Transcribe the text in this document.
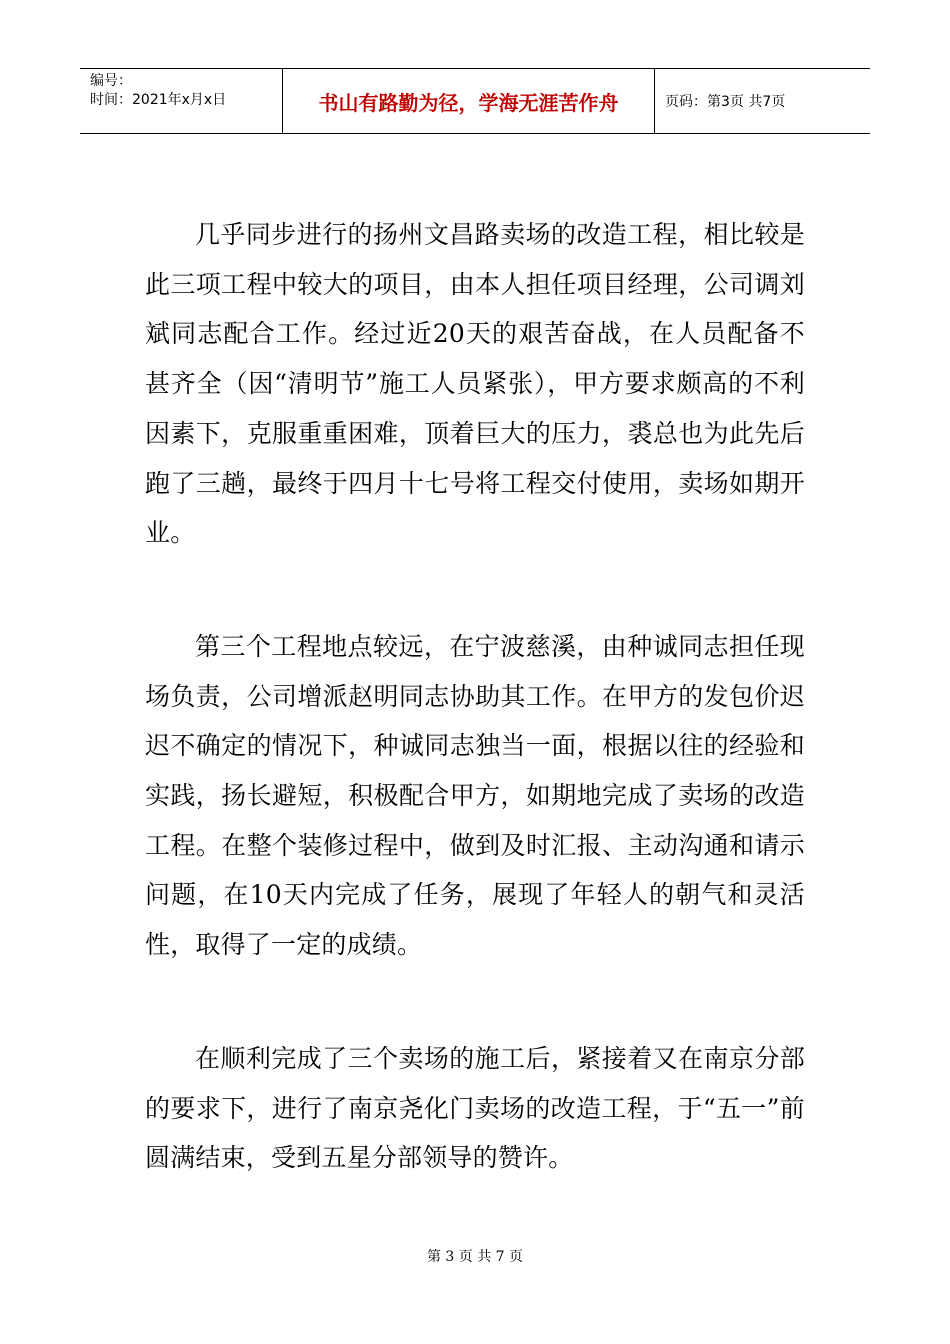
编号：
时间：2021年x月x日	书山有路勤为径，学海无涯苦作舟	页码：第3页 共7页

几乎同步进行的扬州文昌路卖场的改造工程，相比较是此三项工程中较大的项目，由本人担任项目经理，公司调刘斌同志配合工作。经过近20天的艰苦奋战，在人员配备不甚齐全（因“清明节”施工人员紧张），甲方要求颇高的不利因素下，克服重重困难，顶着巨大的压力，裘总也为此先后跑了三趟，最终于四月十七号将工程交付使用，卖场如期开业。

第三个工程地点较远，在宁波慈溪，由种诚同志担任现场负责，公司增派赵明同志协助其工作。在甲方的发包价迟迟不确定的情况下，种诚同志独当一面，根据以往的经验和实践，扬长避短，积极配合甲方，如期地完成了卖场的改造工程。在整个装修过程中，做到及时汇报、主动沟通和请示问题，在10天内完成了任务，展现了年轻人的朝气和灵活性，取得了一定的成绩。

在顺利完成了三个卖场的施工后，紧接着又在南京分部的要求下，进行了南京尧化门卖场的改造工程，于“五一”前圆满结束，受到五星分部领导的赞许。

第 3 页 共 7 页
